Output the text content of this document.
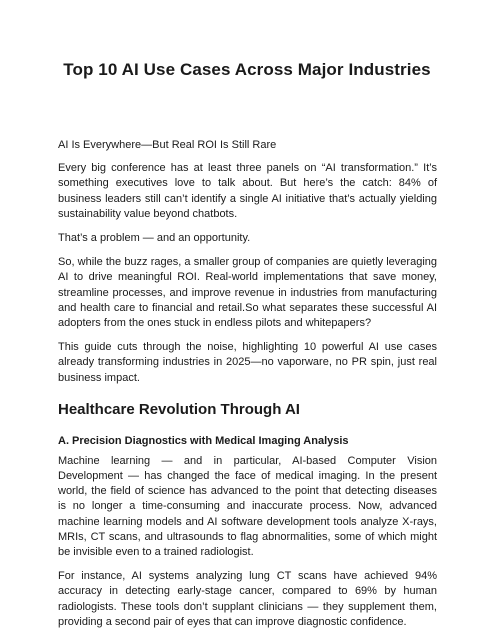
Top 10 AI Use Cases Across Major Industries

AI Is Everywhere—But Real ROI Is Still Rare

Every big conference has at least three panels on “AI transformation.” It’s something executives love to talk about. But here’s the catch: 84% of business leaders still can’t identify a single AI initiative that’s actually yielding sustainability value beyond chatbots.

That’s a problem — and an opportunity.

So, while the buzz rages, a smaller group of companies are quietly leveraging AI to drive meaningful ROI. Real-world implementations that save money, streamline processes, and improve revenue in industries from manufacturing and health care to financial and retail.So what separates these successful AI adopters from the ones stuck in endless pilots and whitepapers?

This guide cuts through the noise, highlighting 10 powerful AI use cases already transforming industries in 2025—no vaporware, no PR spin, just real business impact.

Healthcare Revolution Through AI
A. Precision Diagnostics with Medical Imaging Analysis

Machine learning — and in particular, AI-based Computer Vision Development — has changed the face of medical imaging. In the present world, the field of science has advanced to the point that detecting diseases is no longer a time-consuming and inaccurate process. Now, advanced machine learning models and AI software development tools analyze X-rays, MRIs, CT scans, and ultrasounds to flag abnormalities, some of which might be invisible even to a trained radiologist.

For instance, AI systems analyzing lung CT scans have achieved 94% accuracy in detecting early-stage cancer, compared to 69% by human radiologists. These tools don’t supplant clinicians — they supplement them, providing a second pair of eyes that can improve diagnostic confidence.
